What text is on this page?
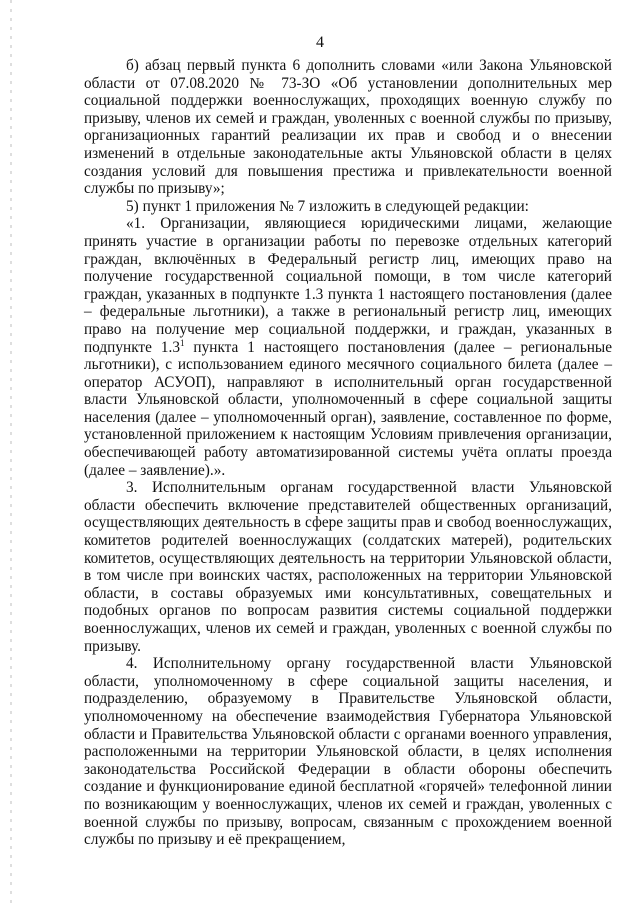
4

б) абзац первый пункта 6 дополнить словами «или Закона Ульяновской области от 07.08.2020 № 73-ЗО «Об установлении дополнительных мер социальной поддержки военнослужащих, проходящих военную службу по призыву, членов их семей и граждан, уволенных с военной службы по призыву, организационных гарантий реализации их прав и свобод и о внесении изменений в отдельные законодательные акты Ульяновской области в целях создания условий для повышения престижа и привлекательности военной службы по призыву»;

5) пункт 1 приложения № 7 изложить в следующей редакции:

«1. Организации, являющиеся юридическими лицами, желающие принять участие в организации работы по перевозке отдельных категорий граждан, включённых в Федеральный регистр лиц, имеющих право на получение государственной социальной помощи, в том числе категорий граждан, указанных в подпункте 1.3 пункта 1 настоящего постановления (далее – федеральные льготники), а также в региональный регистр лиц, имеющих право на получение мер социальной поддержки, и граждан, указанных в подпункте $1.3^1$ пункта 1 настоящего постановления (далее – региональные льготники), с использованием единого месячного социального билета (далее – оператор АСУОП), направляют в исполнительный орган государственной власти Ульяновской области, уполномоченный в сфере социальной защиты населения (далее – уполномоченный орган), заявление, составленное по форме, установленной приложением к настоящим Условиям привлечения организации, обеспечивающей работу автоматизированной системы учёта оплаты проезда (далее – заявление).».

3. Исполнительным органам государственной власти Ульяновской области обеспечить включение представителей общественных организаций, осуществляющих деятельность в сфере защиты прав и свобод военнослужащих, комитетов родителей военнослужащих (солдатских матерей), родительских комитетов, осуществляющих деятельность на территории Ульяновской области, в том числе при воинских частях, расположенных на территории Ульяновской области, в составы образуемых ими консультативных, совещательных и подобных органов по вопросам развития системы социальной поддержки военнослужащих, членов их семей и граждан, уволенных с военной службы по призыву.

4. Исполнительному органу государственной власти Ульяновской области, уполномоченному в сфере социальной защиты населения, и подразделению, образуемому в Правительстве Ульяновской области, уполномоченному на обеспечение взаимодействия Губернатора Ульяновской области и Правительства Ульяновской области с органами военного управления, расположенными на территории Ульяновской области, в целях исполнения законодательства Российской Федерации в области обороны обеспечить создание и функционирование единой бесплатной «горячей» телефонной линии по возникающим у военнослужащих, членов их семей и граждан, уволенных с военной службы по призыву, вопросам, связанным с прохождением военной службы по призыву и её прекращением,
